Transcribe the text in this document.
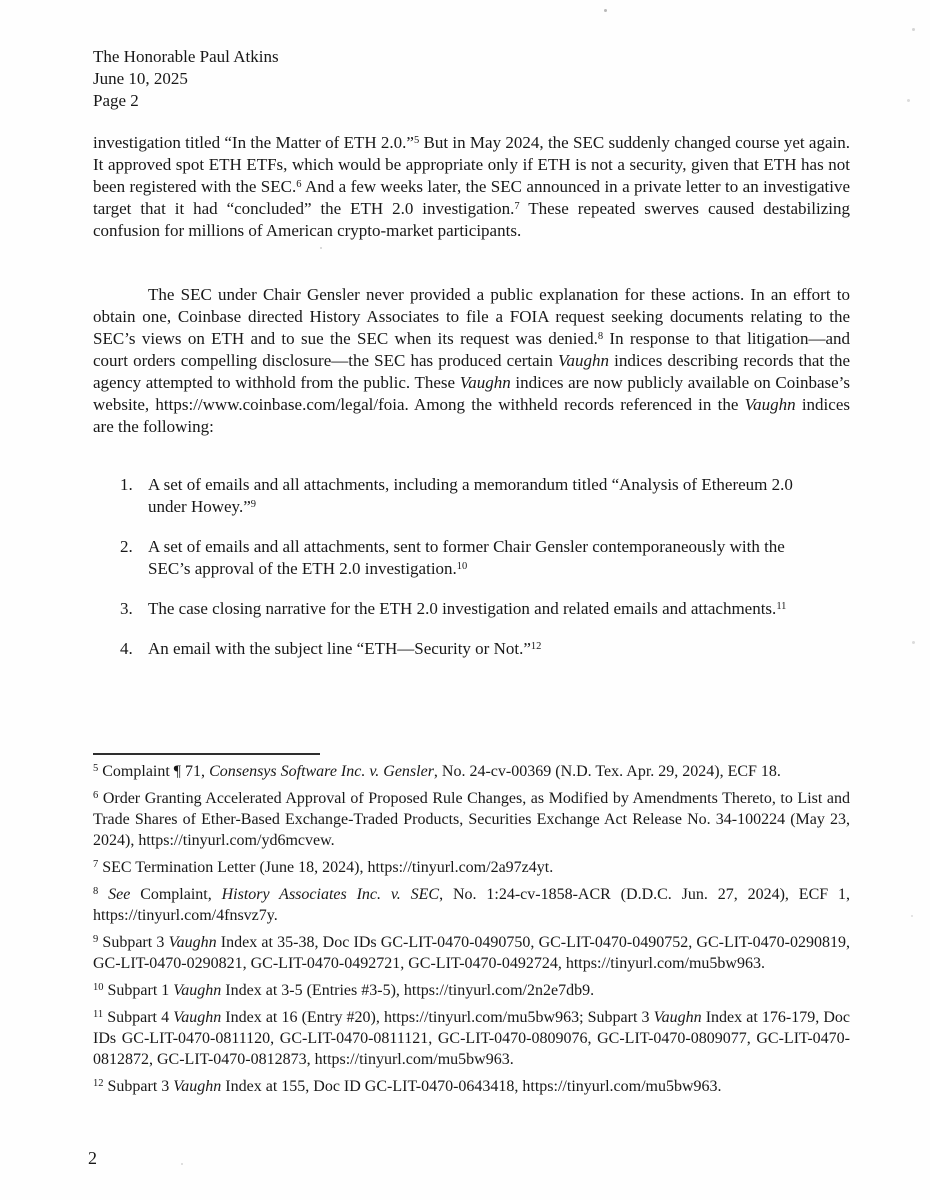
The Honorable Paul Atkins
June 10, 2025
Page 2

investigation titled “In the Matter of ETH 2.0.”$^5$ But in May 2024, the SEC suddenly changed course yet again. It approved spot ETH ETFs, which would be appropriate only if ETH is not a security, given that ETH has not been registered with the SEC.$^6$ And a few weeks later, the SEC announced in a private letter to an investigative target that it had “concluded” the ETH 2.0 investigation.$^7$ These repeated swerves caused destabilizing confusion for millions of American crypto-market participants.

The SEC under Chair Gensler never provided a public explanation for these actions. In an effort to obtain one, Coinbase directed History Associates to file a FOIA request seeking documents relating to the SEC’s views on ETH and to sue the SEC when its request was denied.$^8$ In response to that litigation—and court orders compelling disclosure—the SEC has produced certain Vaughn indices describing records that the agency attempted to withhold from the public. These Vaughn indices are now publicly available on Coinbase’s website, https://www.coinbase.com/legal/foia. Among the withheld records referenced in the Vaughn indices are the following:

1. A set of emails and all attachments, including a memorandum titled “Analysis of Ethereum 2.0 under Howey.”$^9$
2. A set of emails and all attachments, sent to former Chair Gensler contemporaneously with the SEC’s approval of the ETH 2.0 investigation.$^{10}$
3. The case closing narrative for the ETH 2.0 investigation and related emails and attachments.$^{11}$
4. An email with the subject line “ETH—Security or Not.”$^{12}$

$^5$ Complaint ¶ 71, Consensys Software Inc. v. Gensler, No. 24-cv-00369 (N.D. Tex. Apr. 29, 2024), ECF 18.

$^6$ Order Granting Accelerated Approval of Proposed Rule Changes, as Modified by Amendments Thereto, to List and Trade Shares of Ether-Based Exchange-Traded Products, Securities Exchange Act Release No. 34-100224 (May 23, 2024), https://tinyurl.com/yd6mcvew.

$^7$ SEC Termination Letter (June 18, 2024), https://tinyurl.com/2a97z4yt.

$^8$ See Complaint, History Associates Inc. v. SEC, No. 1:24-cv-1858-ACR (D.D.C. Jun. 27, 2024), ECF 1, https://tinyurl.com/4fnsvz7y.

$^9$ Subpart 3 Vaughn Index at 35-38, Doc IDs GC-LIT-0470-0490750, GC-LIT-0470-0490752, GC-LIT-0470-0290819, GC-LIT-0470-0290821, GC-LIT-0470-0492721, GC-LIT-0470-0492724, https://tinyurl.com/mu5bw963.

$^{10}$ Subpart 1 Vaughn Index at 3-5 (Entries #3-5), https://tinyurl.com/2n2e7db9.

$^{11}$ Subpart 4 Vaughn Index at 16 (Entry #20), https://tinyurl.com/mu5bw963; Subpart 3 Vaughn Index at 176-179, Doc IDs GC-LIT-0470-0811120, GC-LIT-0470-0811121, GC-LIT-0470-0809076, GC-LIT-0470-0809077, GC-LIT-0470-0812872, GC-LIT-0470-0812873, https://tinyurl.com/mu5bw963.

$^{12}$ Subpart 3 Vaughn Index at 155, Doc ID GC-LIT-0470-0643418, https://tinyurl.com/mu5bw963.

2
